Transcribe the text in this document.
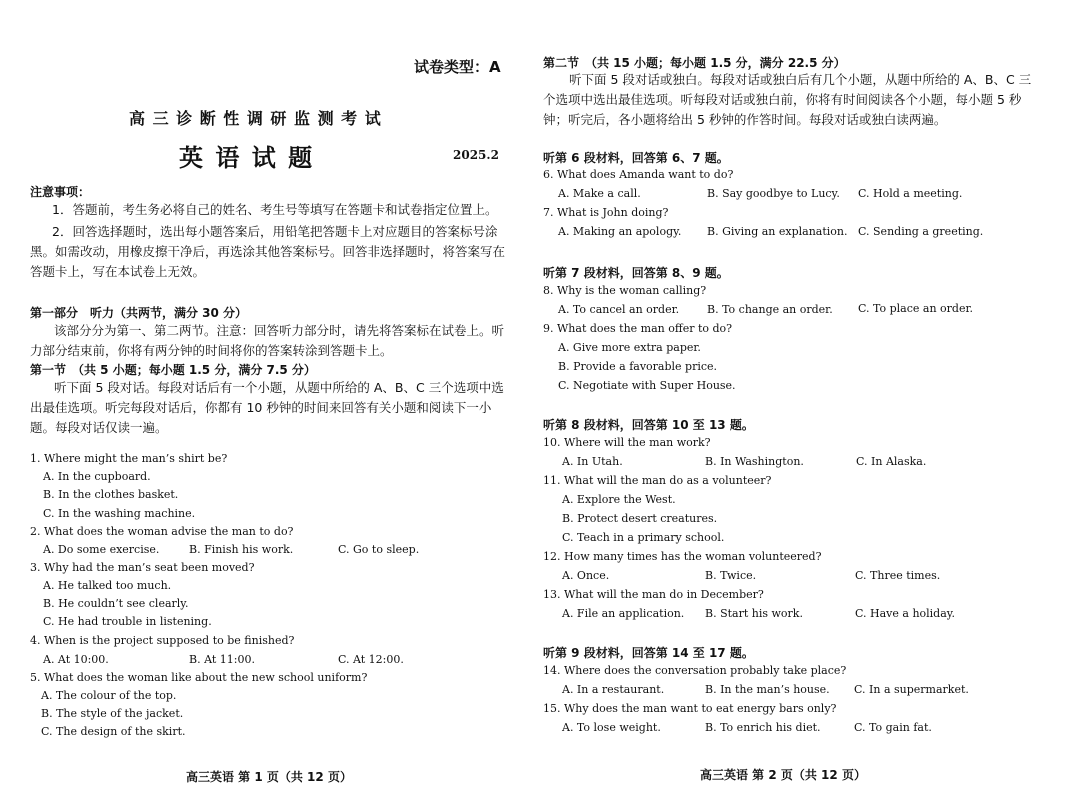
试卷类型：A
高 三 诊 断 性 调 研 监 测 考 试
英 语 试 题	2025.2
注意事项：
1．答题前，考生务必将自己的姓名、考生号等填写在答题卡和试卷指定位置上。
2．回答选择题时，选出每小题答案后，用铅笔把答题卡上对应题目的答案标号涂黑。如需改动，用橡皮擦干净后，再选涂其他答案标号。回答非选择题时，将答案写在答题卡上，写在本试卷上无效。
第一部分　听力（共两节，满分 30 分）
该部分分为第一、第二两节。注意：回答听力部分时，请先将答案标在试卷上。听力部分结束前，你将有两分钟的时间将你的答案转涂到答题卡上。
第一节　（共 5 小题；每小题 1.5 分，满分 7.5 分）
听下面 5 段对话。每段对话后有一个小题，从题中所给的 A、B、C 三个选项中选出最佳选项。听完每段对话后，你都有 10 秒钟的时间来回答有关小题和阅读下一小题。每段对话仅读一遍。
1. Where might the man’s shirt be?
A. In the cupboard.
B. In the clothes basket.
C. In the washing machine.
2. What does the woman advise the man to do?
A. Do some exercise.	B. Finish his work.	C. Go to sleep.
3. Why had the man’s seat been moved?
A. He talked too much.
B. He couldn’t see clearly.
C. He had trouble in listening.
4. When is the project supposed to be finished?
A. At 10:00.	B. At 11:00.	C. At 12:00.
5. What does the woman like about the new school uniform?
A. The colour of the top.
B. The style of the jacket.
C. The design of the skirt.
高三英语 第 1 页（共 12 页）
第二节　（共 15 小题；每小题 1.5 分，满分 22.5 分）
听下面 5 段对话或独白。每段对话或独白后有几个小题，从题中所给的 A、B、C 三个选项中选出最佳选项。听每段对话或独白前，你将有时间阅读各个小题，每小题 5 秒钟；听完后，各小题将给出 5 秒钟的作答时间。每段对话或独白读两遍。
听第 6 段材料，回答第 6、7 题。
6. What does Amanda want to do?
A. Make a call.	B. Say goodbye to Lucy. C. Hold a meeting.
7. What is John doing?
A. Making an apology. B. Giving an explanation. C. Sending a greeting.
听第 7 段材料，回答第 8、9 题。
8. Why is the woman calling?
A. To cancel an order.	B. To change an order. C. To place an order.
9. What does the man offer to do?
A. Give more extra paper.
B. Provide a favorable price.
C. Negotiate with Super House.
听第 8 段材料，回答第 10 至 13 题。
10. Where will the man work?
A. In Utah.	B. In Washington.	C. In Alaska.
11. What will the man do as a volunteer?
A. Explore the West.
B. Protect desert creatures.
C. Teach in a primary school.
12. How many times has the woman volunteered?
A. Once.	B. Twice.	C. Three times.
13. What will the man do in December?
A. File an application. B. Start his work.	C. Have a holiday.
听第 9 段材料，回答第 14 至 17 题。
14. Where does the conversation probably take place?
A. In a restaurant.	B. In the man’s house. C. In a supermarket.
15. Why does the man want to eat energy bars only?
A. To lose weight.	B. To enrich his diet.	C. To gain fat.
高三英语 第 2 页（共 12 页）
